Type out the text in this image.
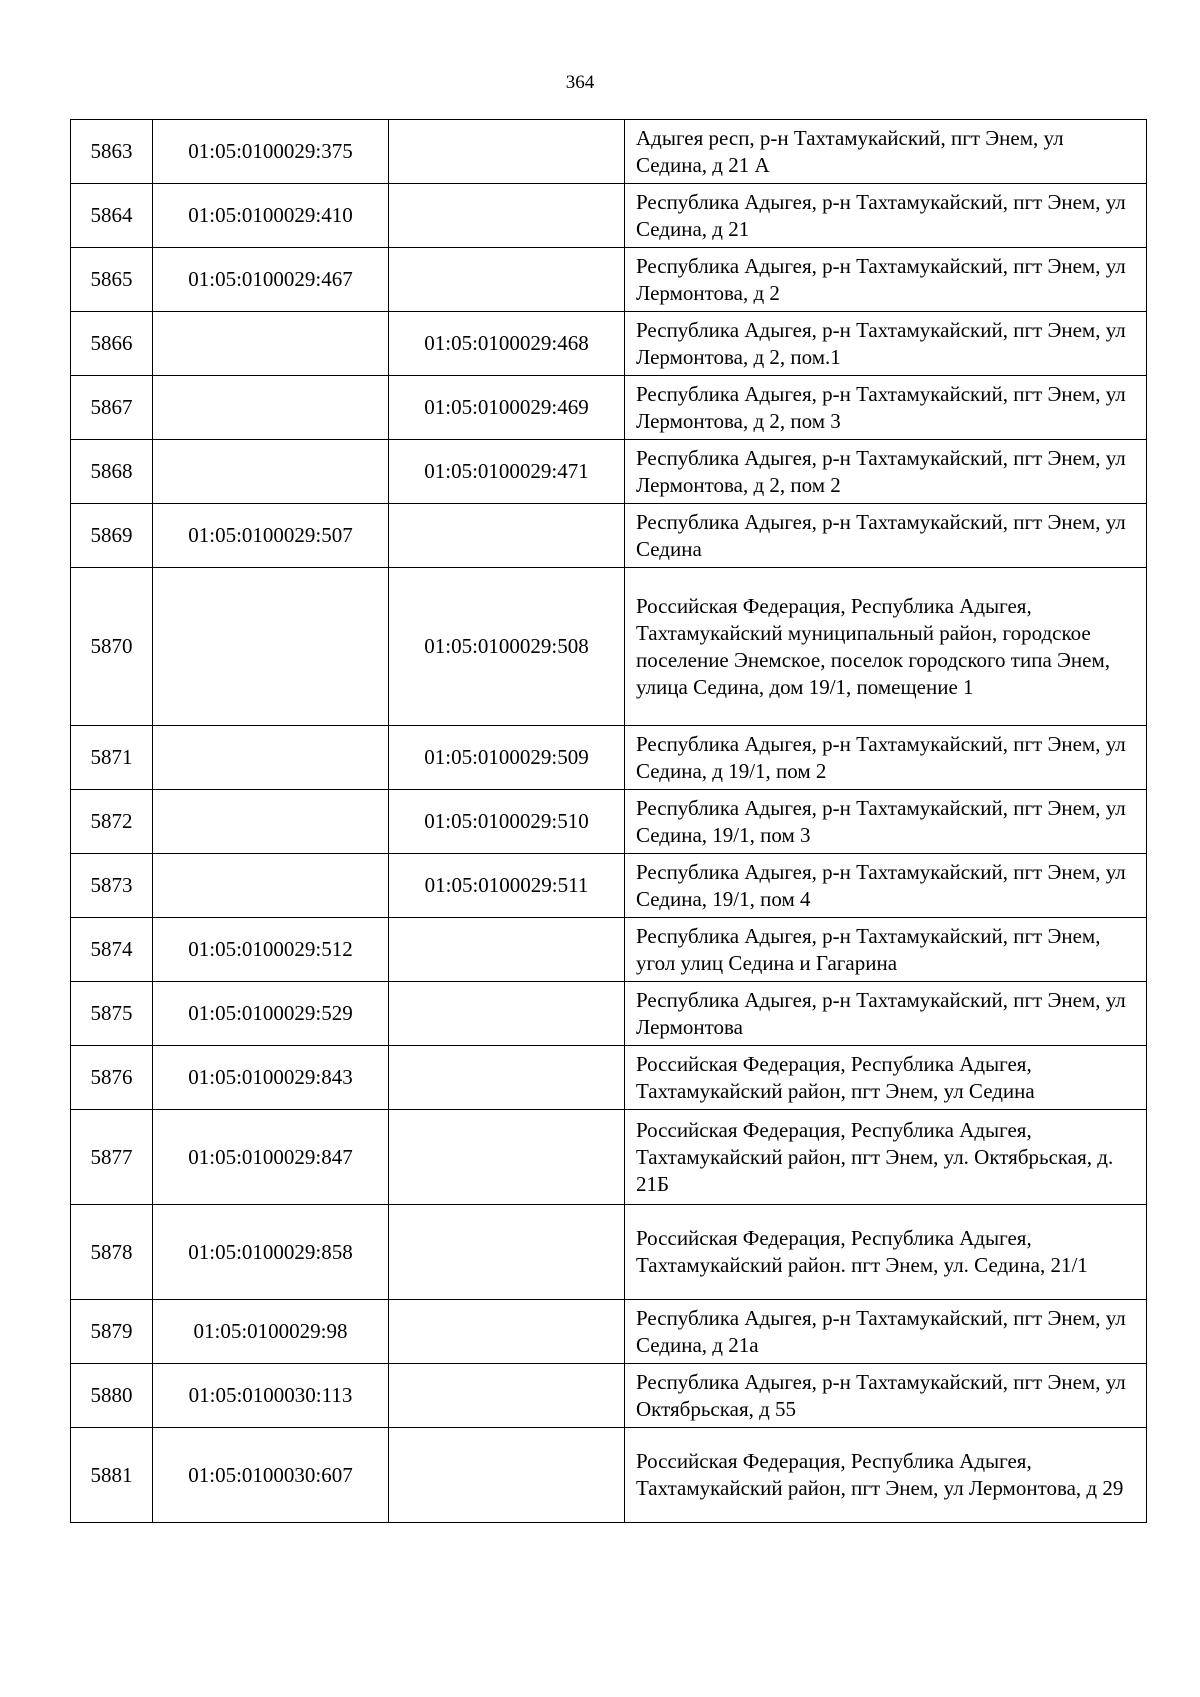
364
5863	01:05:0100029:375		Адыгея респ, р-н Тахтамукайский, пгт Энем, ул Седина, д 21 А
5864	01:05:0100029:410		Республика Адыгея, р-н Тахтамукайский, пгт Энем, ул Седина, д 21
5865	01:05:0100029:467		Республика Адыгея, р-н Тахтамукайский, пгт Энем, ул Лермонтова, д 2
5866		01:05:0100029:468	Республика Адыгея, р-н Тахтамукайский, пгт Энем, ул Лермонтова, д 2, пом.1
5867		01:05:0100029:469	Республика Адыгея, р-н Тахтамукайский, пгт Энем, ул Лермонтова, д 2, пом 3
5868		01:05:0100029:471	Республика Адыгея, р-н Тахтамукайский, пгт Энем, ул Лермонтова, д 2, пом 2
5869	01:05:0100029:507		Республика Адыгея, р-н Тахтамукайский, пгт Энем, ул Седина
5870		01:05:0100029:508	Российская Федерация, Республика Адыгея, Тахтамукайский муниципальный район, городское поселение Энемское, поселок городского типа Энем, улица Седина, дом 19/1, помещение 1
5871		01:05:0100029:509	Республика Адыгея, р-н Тахтамукайский, пгт Энем, ул Седина, д 19/1, пом 2
5872		01:05:0100029:510	Республика Адыгея, р-н Тахтамукайский, пгт Энем, ул Седина, 19/1, пом 3
5873		01:05:0100029:511	Республика Адыгея, р-н Тахтамукайский, пгт Энем, ул Седина, 19/1, пом 4
5874	01:05:0100029:512		Республика Адыгея, р-н Тахтамукайский, пгт Энем, угол улиц Седина и Гагарина
5875	01:05:0100029:529		Республика Адыгея, р-н Тахтамукайский, пгт Энем, ул Лермонтова
5876	01:05:0100029:843		Российская Федерация, Республика Адыгея, Тахтамукайский район, пгт Энем, ул Седина
5877	01:05:0100029:847		Российская Федерация, Республика Адыгея, Тахтамукайский район, пгт Энем, ул. Октябрьская, д. 21Б
5878	01:05:0100029:858		Российская Федерация, Республика Адыгея, Тахтамукайский район. пгт Энем, ул. Седина, 21/1
5879	01:05:0100029:98		Республика Адыгея, р-н Тахтамукайский, пгт Энем, ул Седина, д 21а
5880	01:05:0100030:113		Республика Адыгея, р-н Тахтамукайский, пгт Энем, ул Октябрьская, д 55
5881	01:05:0100030:607		Российская Федерация, Республика Адыгея, Тахтамукайский район, пгт Энем, ул Лермонтова, д 29
